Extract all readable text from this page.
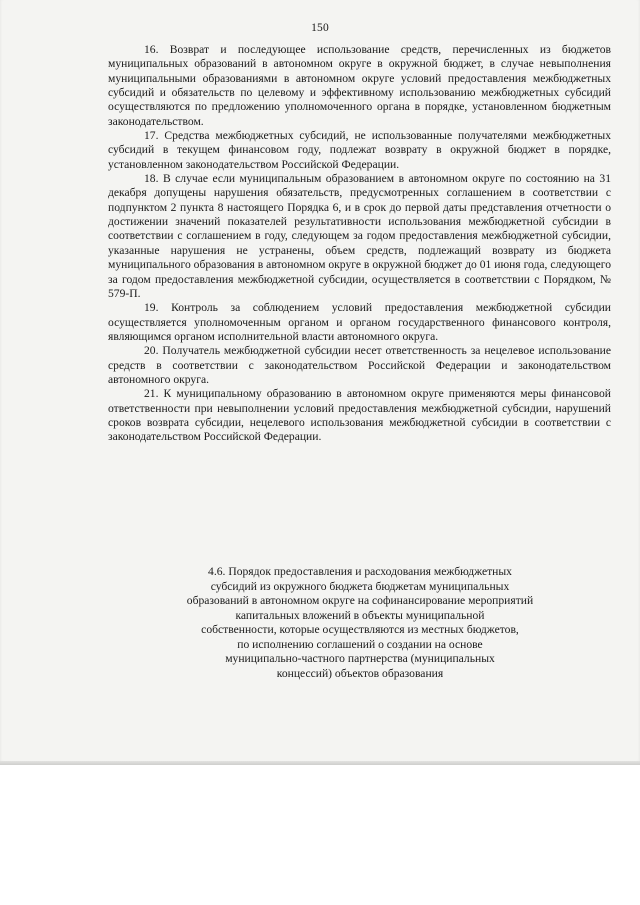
150

16. Возврат и последующее использование средств, перечисленных из бюджетов муниципальных образований в автономном округе в окружной бюджет, в случае невыполнения муниципальными образованиями в автономном округе условий предоставления межбюджетных субсидий и обязательств по целевому и эффективному использованию межбюджетных субсидий осуществляются по предложению уполномоченного органа в порядке, установленном бюджетным законодательством.

17. Средства межбюджетных субсидий, не использованные получателями межбюджетных субсидий в текущем финансовом году, подлежат возврату в окружной бюджет в порядке, установленном законодательством Российской Федерации.

18. В случае если муниципальным образованием в автономном округе по состоянию на 31 декабря допущены нарушения обязательств, предусмотренных соглашением в соответствии с подпунктом 2 пункта 8 настоящего Порядка 6, и в срок до первой даты представления отчетности о достижении значений показателей результативности использования межбюджетной субсидии в соответствии с соглашением в году, следующем за годом предоставления межбюджетной субсидии, указанные нарушения не устранены, объем средств, подлежащий возврату из бюджета муниципального образования в автономном округе в окружной бюджет до 01 июня года, следующего за годом предоставления межбюджетной субсидии, осуществляется в соответствии с Порядком, № 579-П.

19. Контроль за соблюдением условий предоставления межбюджетной субсидии осуществляется уполномоченным органом и органом государственного финансового контроля, являющимся органом исполнительной власти автономного округа.

20. Получатель межбюджетной субсидии несет ответственность за нецелевое использование средств в соответствии с законодательством Российской Федерации и законодательством автономного округа.

21. К муниципальному образованию в автономном округе применяются меры финансовой ответственности при невыполнении условий предоставления межбюджетной субсидии, нарушений сроков возврата субсидии, нецелевого использования межбюджетной субсидии в соответствии с законодательством Российской Федерации.

4.6. Порядок предоставления и расходования межбюджетных
субсидий из окружного бюджета бюджетам муниципальных
образований в автономном округе на софинансирование мероприятий
капитальных вложений в объекты муниципальной
собственности, которые осуществляются из местных бюджетов,
по исполнению соглашений о создании на основе
муниципально-частного партнерства (муниципальных
концессий) объектов образования
